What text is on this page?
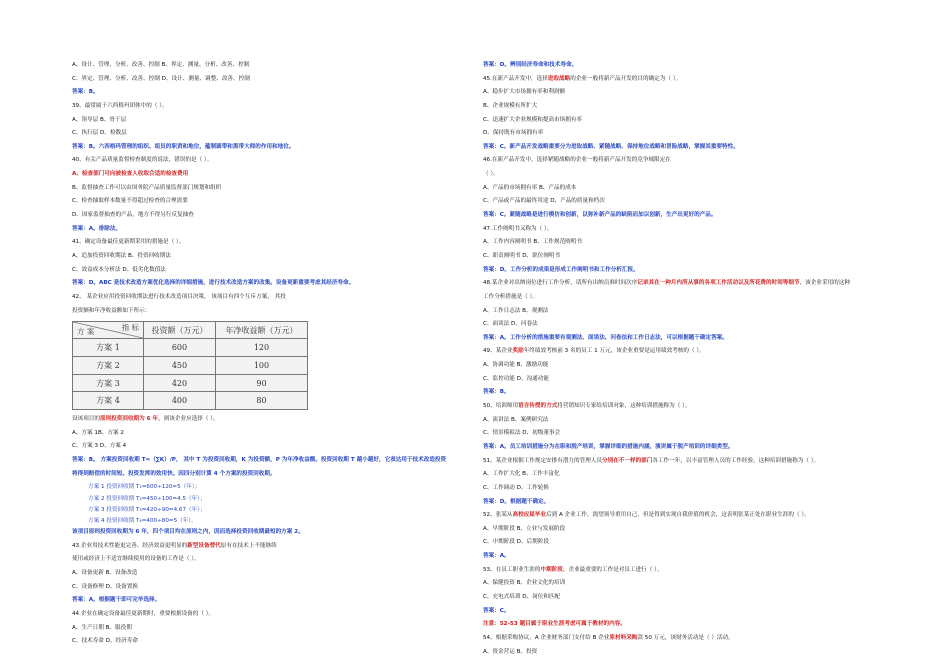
A、设计、管理、分析、改善、控制 B、界定、测量、分析、改善、控制
C、界定、管理、分析、改善、控制 D、设计、测量、调整、改善、控制
答案：B。
39、最常属于六西格玛团体中的（ ）。
A、领导层 B、骨干层
C、执行层 D、检数层
答案：B。六西格玛管理的组织、组员的职责和地位，蕴制圆带和黑带大师的作用和地位。
40、有关产品质量监督检查制度的说法，错误的是（ ）。
A、检查部门可向被检查人收取合适的检查费用
B、监督抽查工作可以由国务院产品质量监督部门规划和组织
C、检查抽取样本数量不得超过检查的合理需要
D、国家监督抽查的产品，地方不得另行反复抽查
答案：A。排除法。
41、确定设备最佳更新期采用的措施是（ ）。
A、追加投资回收期法 B、投资回收期法
C、效益成本分析法 D、低劣化数值法
答案：D。ABC 是技术改造方案优化选择的详细措施，进行技术改造方案的改集。设备更新重要考虑其经济寿命。
42、 某企业应用投资回收期法进行技术改造项目决策， 该项目有四个互斥方案， 其投
投资额和年净收益额如下所示：
方 案 指 标	投资额（万元）	年净收益额（万元）
方案 1	600	120
方案 2	450	100
方案 3	420	90
方案 4	400	80
设该项目的原则投资回收期为 6 年，则该企业应选择（ ）。
A、方案 1B、方案 2
C、方案 3 D、方案 4
答案：B。 方案投资回收期 T=（∑K）/P， 其中 T 为投资回收期，K 为投资额，P 为年净收益额。投资回收期 T 越小越好，它表达用于技术改造投资
将得到赔偿的时间短。投资发挥的效用快。因四分别计算 4 个方案的投资回收期。
方案 1 投资回收期 T₁=600÷120=5（年）；
方案 2 投资回收期 T₂=450÷100=4.5（年）；
方案 3 投资回收期 T₃=420÷90=4.67（年）；
方案 4 投资回收期 T₄=400÷80=5（年）。
该项目原则投资回收期为 6 年，四个项目均在原则之内，因而选择投资回收期最短的方案 2。
43.企业用技术性能更完善、经济效益更明显的新型设备替代原有在技术上不能继续
使用或经济上不适宜继续使用的设备的工作是（ ）。
A、设备更新 B、设备改造
C、设备修理 D、设备置换
答案：A。根据题干即可完毕选择。
44.企业在确定设备最佳更新期时，重要根据设备的（ ）。
A、生产日期 B、服役期
C、技术寿命 D、经济寿命
答案：D。辨别经济寿命和技术寿命。
45.在新产品开发中，选择进取战略的企业一般将新产品开发的目的确定为（ ）。
A、稳步扩大市场拥有率和利润额
B、企业规模有所扩大
C、迅速扩大企业规模和提高市场拥有率
D、保持既有市场拥有率
答案：C。新产品开发战略重要分为进取战略、紧随战略、保持地位战略和冒险战略，掌握其重要特性。
46.在新产品开发中，选择紧随战略的企业一般将新产品开发的竞争域限定在
（ ）。
A、产品的市场拥有率 B、产品的成本
C、产品或产品的最终用途 D、产品的质量和档次
答案：C。紧随战略是进行模仿和创新，以弥补新产品的缺陷而加以创新，生产出更好的产品。
47.工作阐明书又称为（ ）。
A、工作内容阐明书 B、工作规范阐明书
C、职责阐明书 D、职位阐明书
答案：D。工作分析的成果是形成工作阐明书和工作分析汇报。
48.某企业对出纳岗位进行工作分析，请所有出纳员准时间次序记录其在一种月内所从事的各项工作活动以及所花费的时间等细节，该企业采用的这种
工作分析措施是（ ）。
A、工作日志法 B、观测法
C、面谈法 D、问卷法
答案：A。工作分析的措施重要有观测法、面谈法、问卷法和工作日志法，可以根据题干确定答案。
49、某企业奖励年终绩效考核前 3 名的员工 1 万元，该企业重要是运用绩效考核的（ ）。
A、协调功能 B、激励功能
C、监控功能 D、沟通功能
答案：B。
50、培训师用语言传授的方式将营销知识专家给培训对象，这种培训措施称为（ ）。
A、演讲法 B、案例研究法
C、情景模拟法 D、初级董事会
答案：A。员工培训措施分为在职和脱产培训，掌握详细的措施内涵，演讲属于脱产培训的详细类型。
51、某企业根据工作规定安排有潜力的管理人员分别在不一样的部门各工作一年，以丰富管理人员的工作经验，这种培训措施称为（ ）。
A、工作扩大化 B、工作丰富化
C、工作调动 D、工作轮换
答案：D。根据题干确定。
52、张某从高校应届毕业后到 A 企业工作，渴望领导重用自己，但是得到实现自我价值的机会，这表明张某正处在职业生涯的（ ）。
A、早期阶段 B、立业与发展阶段
C、中期阶段 D、后期阶段
答案：A。
53、在员工职业生涯的中期阶段，企业最重要的工作是对员工进行（ ）。
A、保健投资 B、企业文化的培训
C、充电式培训 D、岗位和匹配
答案：C。
注意：52-53 题目属于职业生涯考虑可属于教材的内容。
54、根据采购协议，A 企业财务部门支付给 B 企业原材料采购款 50 万元，该财务活动是（ ）活动。
A、资金营运 B、投资
